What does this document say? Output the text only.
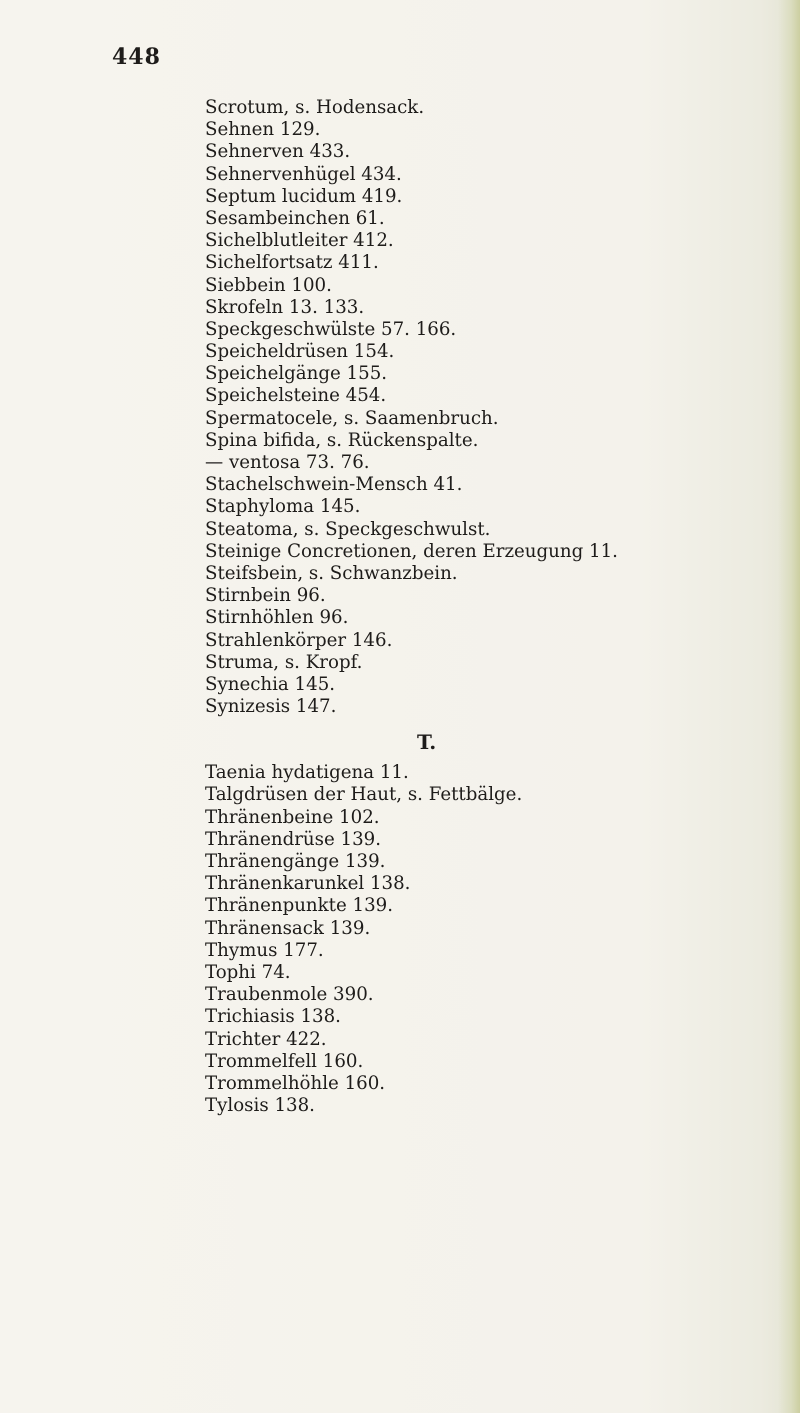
448
Scrotum, s. Hodensack.
Sehnen 129.
Sehnerven 433.
Sehnervenhügel 434.
Septum lucidum 419.
Sesambeinchen 61.
Sichelblutleiter 412.
Sichelfortsatz 411.
Siebbein 100.
Skrofeln 13. 133.
Speckgeschwülste 57. 166.
Speicheldrüsen 154.
Speichelgänge 155.
Speichelsteine 454.
Spermatocele, s. Saamenbruch.
Spina bifida, s. Rückenspalte.
— ventosa 73. 76.
Stachelschwein-Mensch 41.
Staphyloma 145.
Steatoma, s. Speckgeschwulst.
Steinige Concretionen, deren Erzeugung 11.
Steifsbein, s. Schwanzbein.
Stirnbein 96.
Stirnhöhlen 96.
Strahlenkörper 146.
Struma, s. Kropf.
Synechia 145.
Synizesis 147.
T.
Taenia hydatigena 11.
Talgdrüsen der Haut, s. Fettbälge.
Thränenbeine 102.
Thränendrüse 139.
Thränengänge 139.
Thränenkarunkel 138.
Thränenpunkte 139.
Thränensack 139.
Thymus 177.
Tophi 74.
Traubenmole 390.
Trichiasis 138.
Trichter 422.
Trommelfell 160.
Trommelhöhle 160.
Tylosis 138.
